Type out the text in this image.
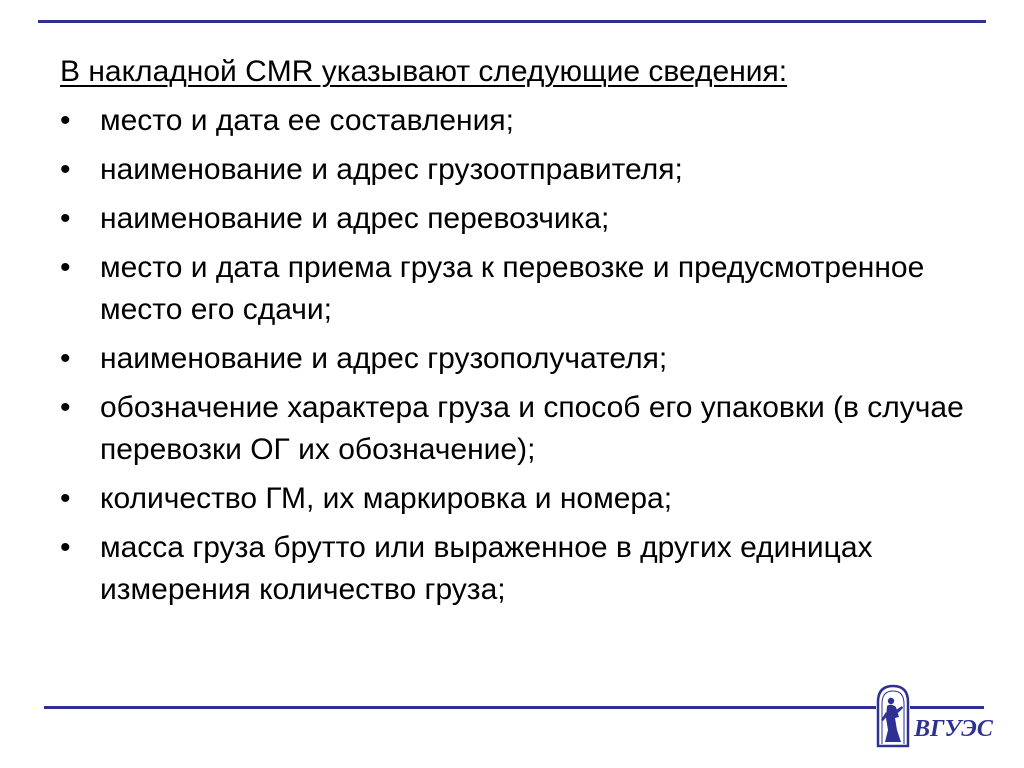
В накладной CMR указывают следующие сведения:
• место и дата ее составления;
• наименование и адрес грузоотправителя;
• наименование и адрес перевозчика;
• место и дата приема груза к перевозке и предусмотренное место его сдачи;
• наименование и адрес грузополучателя;
• обозначение характера груза и способ его упаковки (в случае перевозки ОГ их обозначение);
• количество ГМ, их маркировка и номера;
• масса груза брутто или выраженное в других единицах измерения количество груза;
ВГУЭС
